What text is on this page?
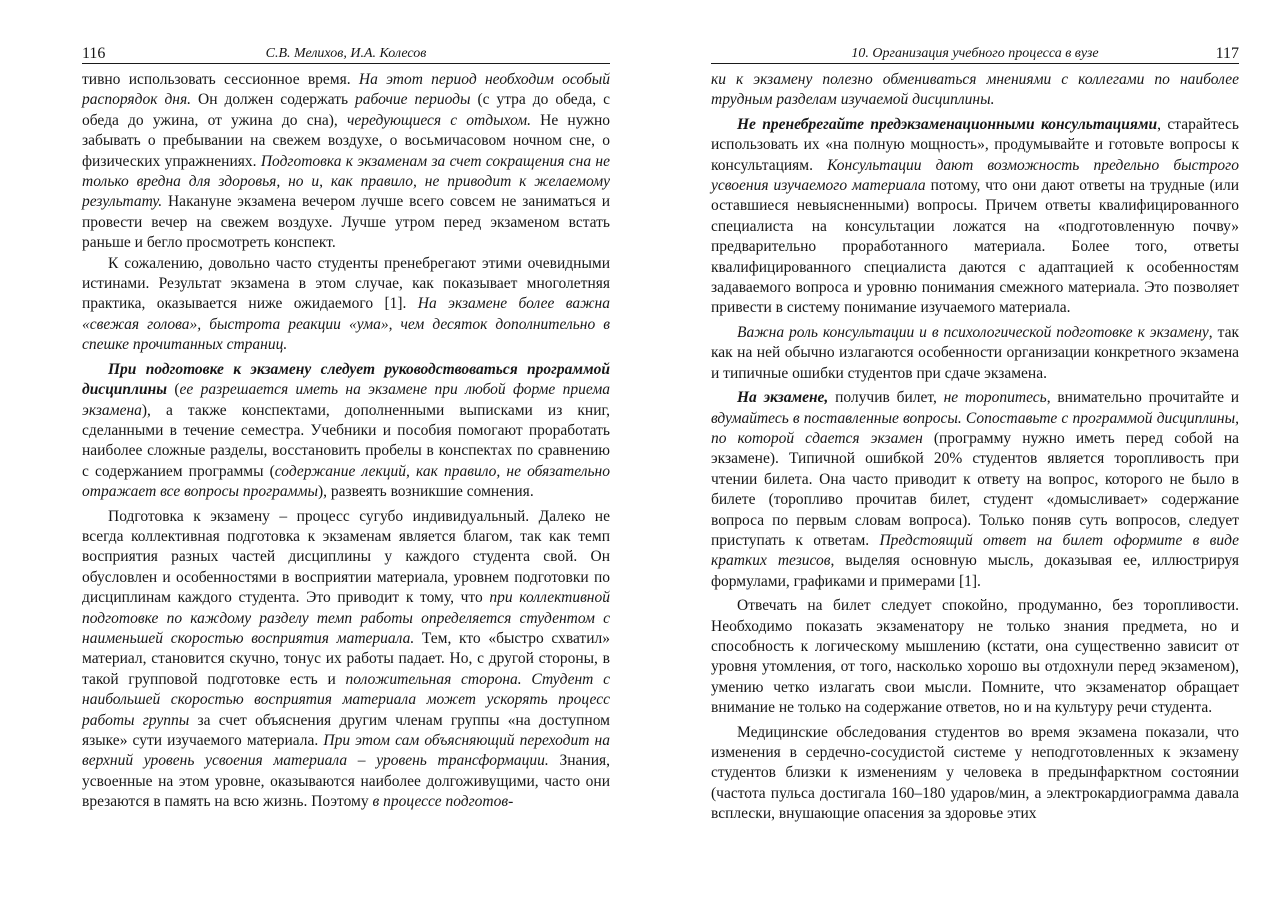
116	С.В. Мелихов, И.А. Колесов

тивно использовать сессионное время. На этот период необходим особый распорядок дня. Он должен содержать рабочие периоды (с утра до обеда, с обеда до ужина, от ужина до сна), чередующиеся с отдыхом. Не нужно забывать о пребывании на свежем воздухе, о восьмичасовом ночном сне, о физических упражнениях. Подготовка к экзаменам за счет сокращения сна не только вредна для здоровья, но и, как правило, не приводит к желаемому результату. Накануне экзамена вечером лучше всего совсем не заниматься и провести вечер на свежем воздухе. Лучше утром перед экзаменом встать раньше и бегло просмотреть конспект.

К сожалению, довольно часто студенты пренебрегают этими очевидными истинами. Результат экзамена в этом случае, как показывает многолетняя практика, оказывается ниже ожидаемого [1]. На экзамене более важна «свежая голова», быстрота реакции «ума», чем десяток дополнительно в спешке прочитанных страниц.

При подготовке к экзамену следует руководствоваться программой дисциплины (ее разрешается иметь на экзамене при любой форме приема экзамена), а также конспектами, дополненными выписками из книг, сделанными в течение семестра. Учебники и пособия помогают проработать наиболее сложные разделы, восстановить пробелы в конспектах по сравнению с содержанием программы (содержание лекций, как правило, не обязательно отражает все вопросы программы), развеять возникшие сомнения.

Подготовка к экзамену – процесс сугубо индивидуальный. Далеко не всегда коллективная подготовка к экзаменам является благом, так как темп восприятия разных частей дисциплины у каждого студента свой. Он обусловлен и особенностями в восприятии материала, уровнем подготовки по дисциплинам каждого студента. Это приводит к тому, что при коллективной подготовке по каждому разделу темп работы определяется студентом с наименьшей скоростью восприятия материала. Тем, кто «быстро схватил» материал, становится скучно, тонус их работы падает. Но, с другой стороны, в такой групповой подготовке есть и положительная сторона. Студент с наибольшей скоростью восприятия материала может ускорять процесс работы группы за счет объяснения другим членам группы «на доступном языке» сути изучаемого материала. При этом сам объясняющий переходит на верхний уровень усвоения материала – уровень трансформации. Знания, усвоенные на этом уровне, оказываются наиболее долгоживущими, часто они врезаются в память на всю жизнь. Поэтому в процессе подготов-

10. Организация учебного процесса в вузе	117

ки к экзамену полезно обмениваться мнениями с коллегами по наиболее трудным разделам изучаемой дисциплины.

Не пренебрегайте предэкзаменационными консультациями, старайтесь использовать их «на полную мощность», продумывайте и готовьте вопросы к консультациям. Консультации дают возможность предельно быстрого усвоения изучаемого материала потому, что они дают ответы на трудные (или оставшиеся невыясненными) вопросы. Причем ответы квалифицированного специалиста на консультации ложатся на «подготовленную почву» предварительно проработанного материала. Более того, ответы квалифицированного специалиста даются с адаптацией к особенностям задаваемого вопроса и уровню понимания смежного материала. Это позволяет привести в систему понимание изучаемого материала.

Важна роль консультации и в психологической подготовке к экзамену, так как на ней обычно излагаются особенности организации конкретного экзамена и типичные ошибки студентов при сдаче экзамена.

На экзамене, получив билет, не торопитесь, внимательно прочитайте и вдумайтесь в поставленные вопросы. Сопоставьте с программой дисциплины, по которой сдается экзамен (программу нужно иметь перед собой на экзамене). Типичной ошибкой 20% студентов является торопливость при чтении билета. Она часто приводит к ответу на вопрос, которого не было в билете (торопливо прочитав билет, студент «домысливает» содержание вопроса по первым словам вопроса). Только поняв суть вопросов, следует приступать к ответам. Предстоящий ответ на билет оформите в виде кратких тезисов, выделяя основную мысль, доказывая ее, иллюстрируя формулами, графиками и примерами [1].

Отвечать на билет следует спокойно, продуманно, без торопливости. Необходимо показать экзаменатору не только знания предмета, но и способность к логическому мышлению (кстати, она существенно зависит от уровня утомления, от того, насколько хорошо вы отдохнули перед экзаменом), умению четко излагать свои мысли. Помните, что экзаменатор обращает внимание не только на содержание ответов, но и на культуру речи студента.

Медицинские обследования студентов во время экзамена показали, что изменения в сердечно-сосудистой системе у неподготовленных к экзамену студентов близки к изменениям у человека в предынфарктном состоянии (частота пульса достигала 160–180 ударов/мин, а электрокардиограмма давала всплески, внушающие опасения за здоровье этих
